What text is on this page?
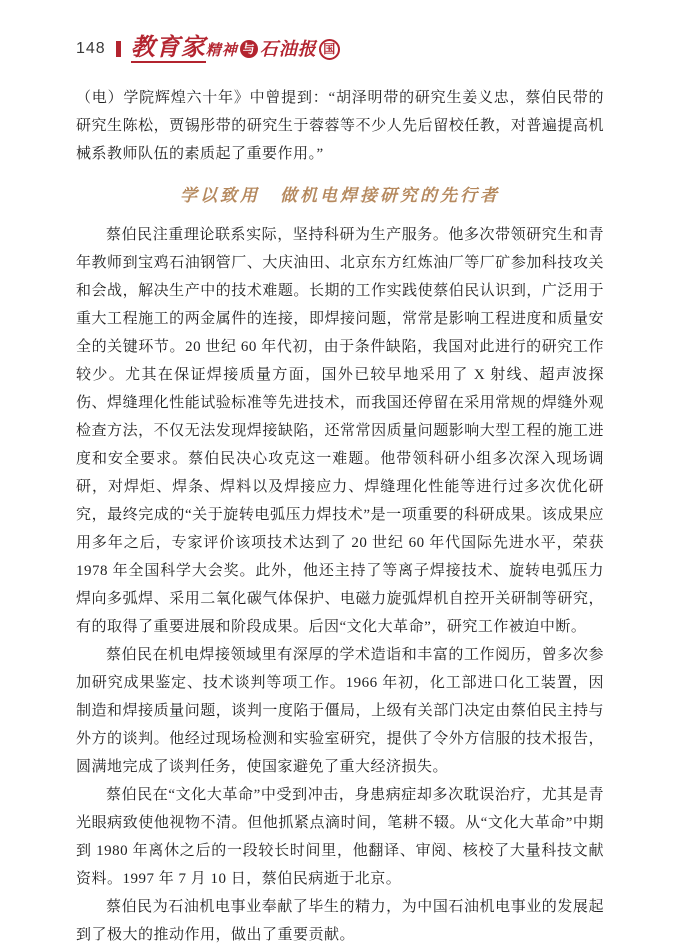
148 教育家 精神 与 石油报 国

（电）学院辉煌六十年》中曾提到：“胡泽明带的研究生姜义忠，蔡伯民带的研究生陈松，贾锡彤带的研究生于蓉蓉等不少人先后留校任教，对普遍提高机械系教师队伍的素质起了重要作用。”

学以致用　做机电焊接研究的先行者

蔡伯民注重理论联系实际，坚持科研为生产服务。他多次带领研究生和青年教师到宝鸡石油钢管厂、大庆油田、北京东方红炼油厂等厂矿参加科技攻关和会战，解决生产中的技术难题。长期的工作实践使蔡伯民认识到，广泛用于重大工程施工的两金属件的连接，即焊接问题，常常是影响工程进度和质量安全的关键环节。20 世纪 60 年代初，由于条件缺陷，我国对此进行的研究工作较少。尤其在保证焊接质量方面，国外已较早地采用了 X 射线、超声波探伤、焊缝理化性能试验标准等先进技术，而我国还停留在采用常规的焊缝外观检查方法，不仅无法发现焊接缺陷，还常常因质量问题影响大型工程的施工进度和安全要求。蔡伯民决心攻克这一难题。他带领科研小组多次深入现场调研，对焊炬、焊条、焊料以及焊接应力、焊缝理化性能等进行过多次优化研究，最终完成的“关于旋转电弧压力焊技术”是一项重要的科研成果。该成果应用多年之后，专家评价该项技术达到了 20 世纪 60 年代国际先进水平，荣获 1978 年全国科学大会奖。此外，他还主持了等离子焊接技术、旋转电弧压力焊向多弧焊、采用二氧化碳气体保护、电磁力旋弧焊机自控开关研制等研究，有的取得了重要进展和阶段成果。后因“文化大革命”，研究工作被迫中断。

蔡伯民在机电焊接领域里有深厚的学术造诣和丰富的工作阅历，曾多次参加研究成果鉴定、技术谈判等项工作。1966 年初，化工部进口化工装置，因制造和焊接质量问题，谈判一度陷于僵局，上级有关部门决定由蔡伯民主持与外方的谈判。他经过现场检测和实验室研究，提供了令外方信服的技术报告，圆满地完成了谈判任务，使国家避免了重大经济损失。

蔡伯民在“文化大革命”中受到冲击，身患病症却多次耽误治疗，尤其是青光眼病致使他视物不清。但他抓紧点滴时间，笔耕不辍。从“文化大革命”中期到 1980 年离休之后的一段较长时间里，他翻译、审阅、核校了大量科技文献资料。1997 年 7 月 10 日，蔡伯民病逝于北京。

蔡伯民为石油机电事业奉献了毕生的精力，为中国石油机电事业的发展起到了极大的推动作用，做出了重要贡献。
